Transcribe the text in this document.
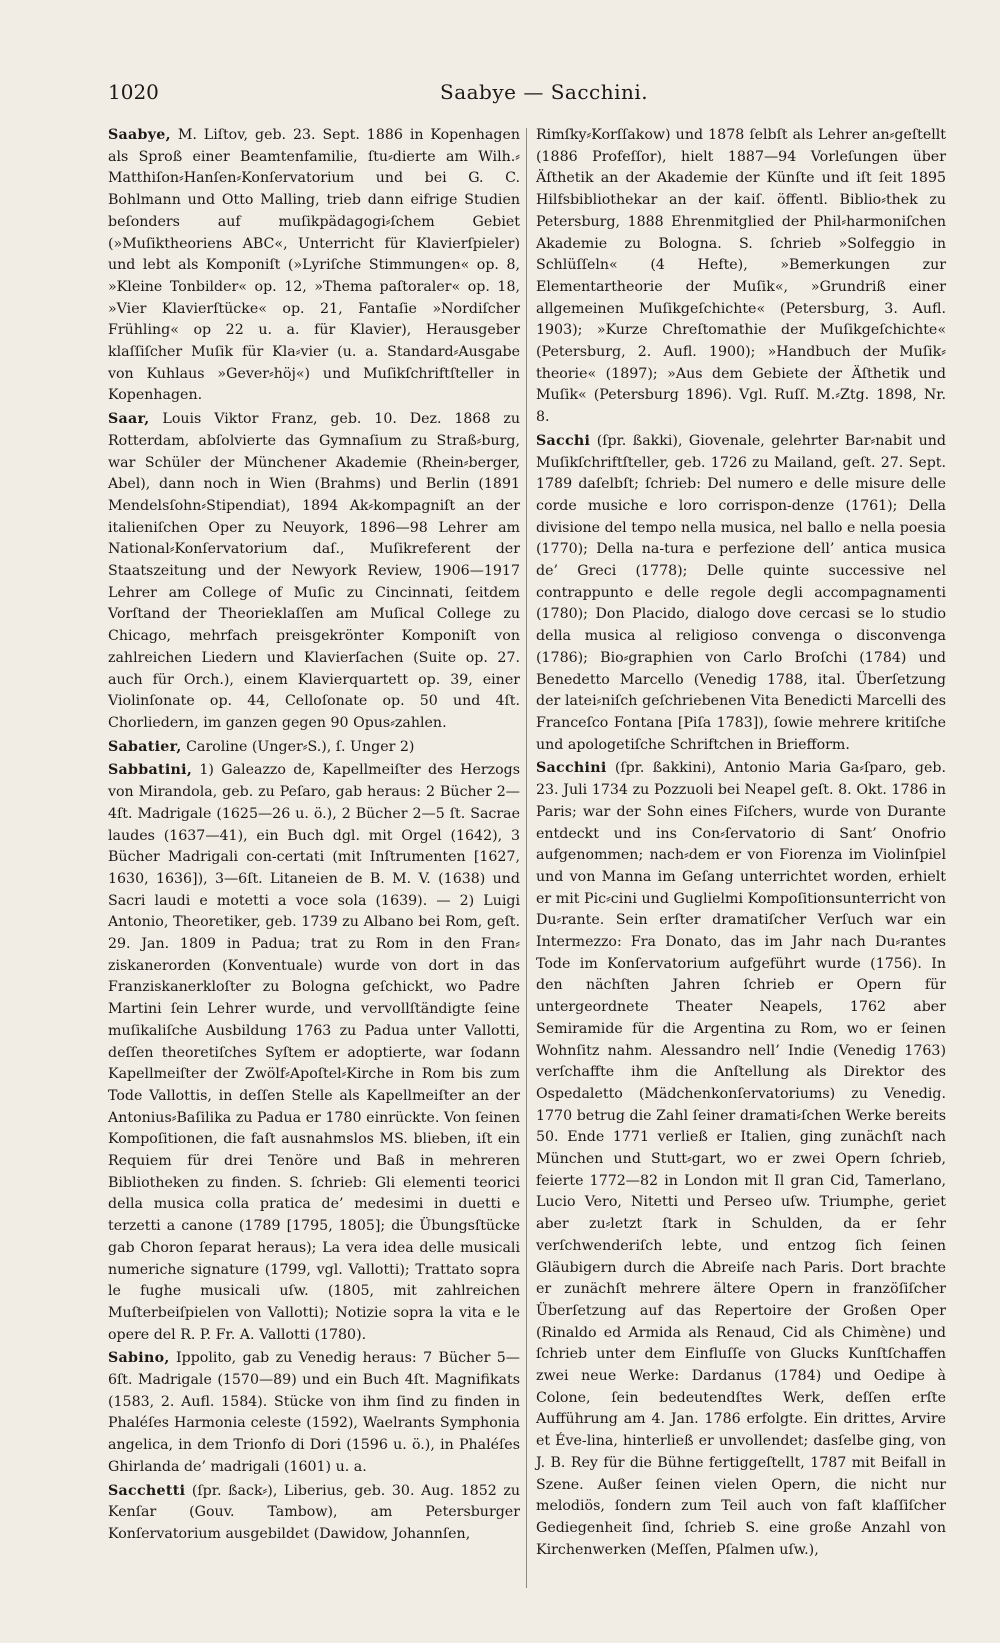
1020	Saabye — Sacchini.

Saabye, M. Liſtov, geb. 23. Sept. 1886 in Kopenhagen als Sproß einer Beamtenfamilie, ſtu⸗dierte am Wilh.⸗Matthiſon⸗Hanſen⸗Konſervatorium und bei G. C. Bohlmann und Otto Malling, trieb dann eifrige Studien beſonders auf muſikpädagogi⸗ſchem Gebiet (»Muſiktheoriens ABC«, Unterricht für Klavierſpieler) und lebt als Komponiſt (»Lyriſche Stimmungen« op. 8, »Kleine Tonbilder« op. 12, »Thema paſtoraler« op. 18, »Vier Klavierſtücke« op. 21, Fantaſie »Nordiſcher Frühling« op 22 u. a. für Klavier), Herausgeber klaſſiſcher Muſik für Kla⸗vier (u. a. Standard⸗Ausgabe von Kuhlaus »Gever⸗höj«) und Muſikſchriftſteller in Kopenhagen.

Saar, Louis Viktor Franz, geb. 10. Dez. 1868 zu Rotterdam, abſolvierte das Gymnaſium zu Straß⸗burg, war Schüler der Münchener Akademie (Rhein⸗berger, Abel), dann noch in Wien (Brahms) und Berlin (1891 Mendelsſohn⸗Stipendiat), 1894 Ak⸗kompagniſt an der italieniſchen Oper zu Neuyork, 1896—98 Lehrer am National⸗Konſervatorium daſ., Muſikreferent der Staatszeitung und der Newyork Review, 1906—1917 Lehrer am College of Muſic zu Cincinnati, ſeitdem Vorſtand der Theorieklaſſen am Muſical College zu Chicago, mehrfach preisgekrönter Komponiſt von zahlreichen Liedern und Klavierſachen (Suite op. 27. auch für Orch.), einem Klavierquartett op. 39, einer Violinſonate op. 44, Celloſonate op. 50 und 4ſt. Chorliedern, im ganzen gegen 90 Opus⸗zahlen.

Sabatier, Caroline (Unger⸗S.), ſ. Unger 2)

Sabbatini, 1) Galeazzo de, Kapellmeiſter des Herzogs von Mirandola, geb. zu Peſaro, gab heraus: 2 Bücher 2—4ſt. Madrigale (1625—26 u. ö.), 2 Bücher 2—5 ſt. Sacrae laudes (1637—41), ein Buch dgl. mit Orgel (1642), 3 Bücher Madrigali con-certati (mit Inſtrumenten [1627, 1630, 1636]), 3—6ſt. Litaneien de B. M. V. (1638) und Sacri laudi e motetti a voce sola (1639). — 2) Luigi Antonio, Theoretiker, geb. 1739 zu Albano bei Rom, geſt. 29. Jan. 1809 in Padua; trat zu Rom in den Fran⸗ziskanerorden (Konventuale) wurde von dort in das Franziskanerkloſter zu Bologna geſchickt, wo Padre Martini ſein Lehrer wurde, und vervollſtändigte ſeine muſikaliſche Ausbildung 1763 zu Padua unter Vallotti, deſſen theoretiſches Syſtem er adoptierte, war ſodann Kapellmeiſter der Zwölf⸗Apoſtel⸗Kirche in Rom bis zum Tode Vallottis, in deſſen Stelle als Kapellmeiſter an der Antonius⸗Baſilika zu Padua er 1780 einrückte. Von ſeinen Kompoſitionen, die faſt ausnahmslos MS. blieben, iſt ein Requiem für drei Tenöre und Baß in mehreren Bibliotheken zu finden. S. ſchrieb: Gli elementi teorici della musica colla pratica de’ medesimi in duetti e terzetti a canone (1789 [1795, 1805]; die Übungsſtücke gab Choron ſeparat heraus); La vera idea delle musicali numeriche signature (1799, vgl. Vallotti); Trattato sopra le fughe musicali uſw. (1805, mit zahlreichen Muſterbeiſpielen von Vallotti); Notizie sopra la vita e le opere del R. P. Fr. A. Vallotti (1780).

Sabino, Ippolito, gab zu Venedig heraus: 7 Bücher 5—6ſt. Madrigale (1570—89) und ein Buch 4ſt. Magnifikats (1583, 2. Aufl. 1584). Stücke von ihm ſind zu finden in Phaléſes Harmonia celeste (1592), Waelrants Symphonia angelica, in dem Trionfo di Dori (1596 u. ö.), in Phaléſes Ghirlanda de’ madrigali (1601) u. a.

Sacchetti (ſpr. ßack⸗), Liberius, geb. 30. Aug. 1852 zu Kenſar (Gouv. Tambow), am Petersburger Konſervatorium ausgebildet (Dawidow, Johannſen,

Rimſky⸗Korſſakow) und 1878 ſelbſt als Lehrer an⸗geſtellt (1886 Profeſſor), hielt 1887—94 Vorleſungen über Äſthetik an der Akademie der Künſte und iſt ſeit 1895 Hilfsbibliothekar an der kaiſ. öffentl. Biblio⸗thek zu Petersburg, 1888 Ehrenmitglied der Phil⸗harmoniſchen Akademie zu Bologna. S. ſchrieb »Solfeggio in Schlüſſeln« (4 Hefte), »Bemerkungen zur Elementartheorie der Muſik«, »Grundriß einer allgemeinen Muſikgeſchichte« (Petersburg, 3. Aufl. 1903); »Kurze Chreſtomathie der Muſikgeſchichte« (Petersburg, 2. Aufl. 1900); »Handbuch der Muſik⸗theorie« (1897); »Aus dem Gebiete der Äſthetik und Muſik« (Petersburg 1896). Vgl. Ruſſ. M.⸗Ztg. 1898, Nr. 8.

Sacchi (ſpr. ßakki), Giovenale, gelehrter Bar⸗nabit und Muſikſchriftſteller, geb. 1726 zu Mailand, geſt. 27. Sept. 1789 daſelbſt; ſchrieb: Del numero e delle misure delle corde musiche e loro corrispon-denze (1761); Della divisione del tempo nella musica, nel ballo e nella poesia (1770); Della na-tura e perfezione dell’ antica musica de’ Greci (1778); Delle quinte successive nel contrappunto e delle regole degli accompagnamenti (1780); Don Placido, dialogo dove cercasi se lo studio della musica al religioso convenga o disconvenga (1786); Bio⸗graphien von Carlo Broſchi (1784) und Benedetto Marcello (Venedig 1788, ital. Überſetzung der latei⸗niſch geſchriebenen Vita Benedicti Marcelli des Franceſco Fontana [Piſa 1783]), ſowie mehrere kritiſche und apologetiſche Schriftchen in Briefform.

Sacchini (ſpr. ßakkini), Antonio Maria Ga⸗ſparo, geb. 23. Juli 1734 zu Pozzuoli bei Neapel geſt. 8. Okt. 1786 in Paris; war der Sohn eines Fiſchers, wurde von Durante entdeckt und ins Con⸗ſervatorio di Sant’ Onofrio aufgenommen; nach⸗dem er von Fiorenza im Violinſpiel und von Manna im Geſang unterrichtet worden, erhielt er mit Pic⸗cini und Guglielmi Kompoſitionsunterricht von Du⸗rante. Sein erſter dramatiſcher Verſuch war ein Intermezzo: Fra Donato, das im Jahr nach Du⸗rantes Tode im Konſervatorium aufgeführt wurde (1756). In den nächſten Jahren ſchrieb er Opern für untergeordnete Theater Neapels, 1762 aber Semiramide für die Argentina zu Rom, wo er ſeinen Wohnſitz nahm. Alessandro nell’ Indie (Venedig 1763) verſchaffte ihm die Anſtellung als Direktor des Ospedaletto (Mädchenkonſervatoriums) zu Venedig. 1770 betrug die Zahl ſeiner dramati⸗ſchen Werke bereits 50. Ende 1771 verließ er Italien, ging zunächſt nach München und Stutt⸗gart, wo er zwei Opern ſchrieb, feierte 1772—82 in London mit Il gran Cid, Tamerlano, Lucio Vero, Nitetti und Perseo uſw. Triumphe, geriet aber zu⸗letzt ſtark in Schulden, da er ſehr verſchwenderiſch lebte, und entzog ſich ſeinen Gläubigern durch die Abreiſe nach Paris. Dort brachte er zunächſt mehrere ältere Opern in franzöſiſcher Überſetzung auf das Repertoire der Großen Oper (Rinaldo ed Armida als Renaud, Cid als Chimène) und ſchrieb unter dem Einfluſſe von Glucks Kunſtſchaffen zwei neue Werke: Dardanus (1784) und Oedipe à Colone, ſein bedeutendſtes Werk, deſſen erſte Aufführung am 4. Jan. 1786 erfolgte. Ein drittes, Arvire et Éve-lina, hinterließ er unvollendet; dasſelbe ging, von J. B. Rey für die Bühne fertiggeſtellt, 1787 mit Beifall in Szene. Außer ſeinen vielen Opern, die nicht nur melodiös, ſondern zum Teil auch von faſt klaſſiſcher Gediegenheit ſind, ſchrieb S. eine große Anzahl von Kirchenwerken (Meſſen, Pſalmen uſw.),
